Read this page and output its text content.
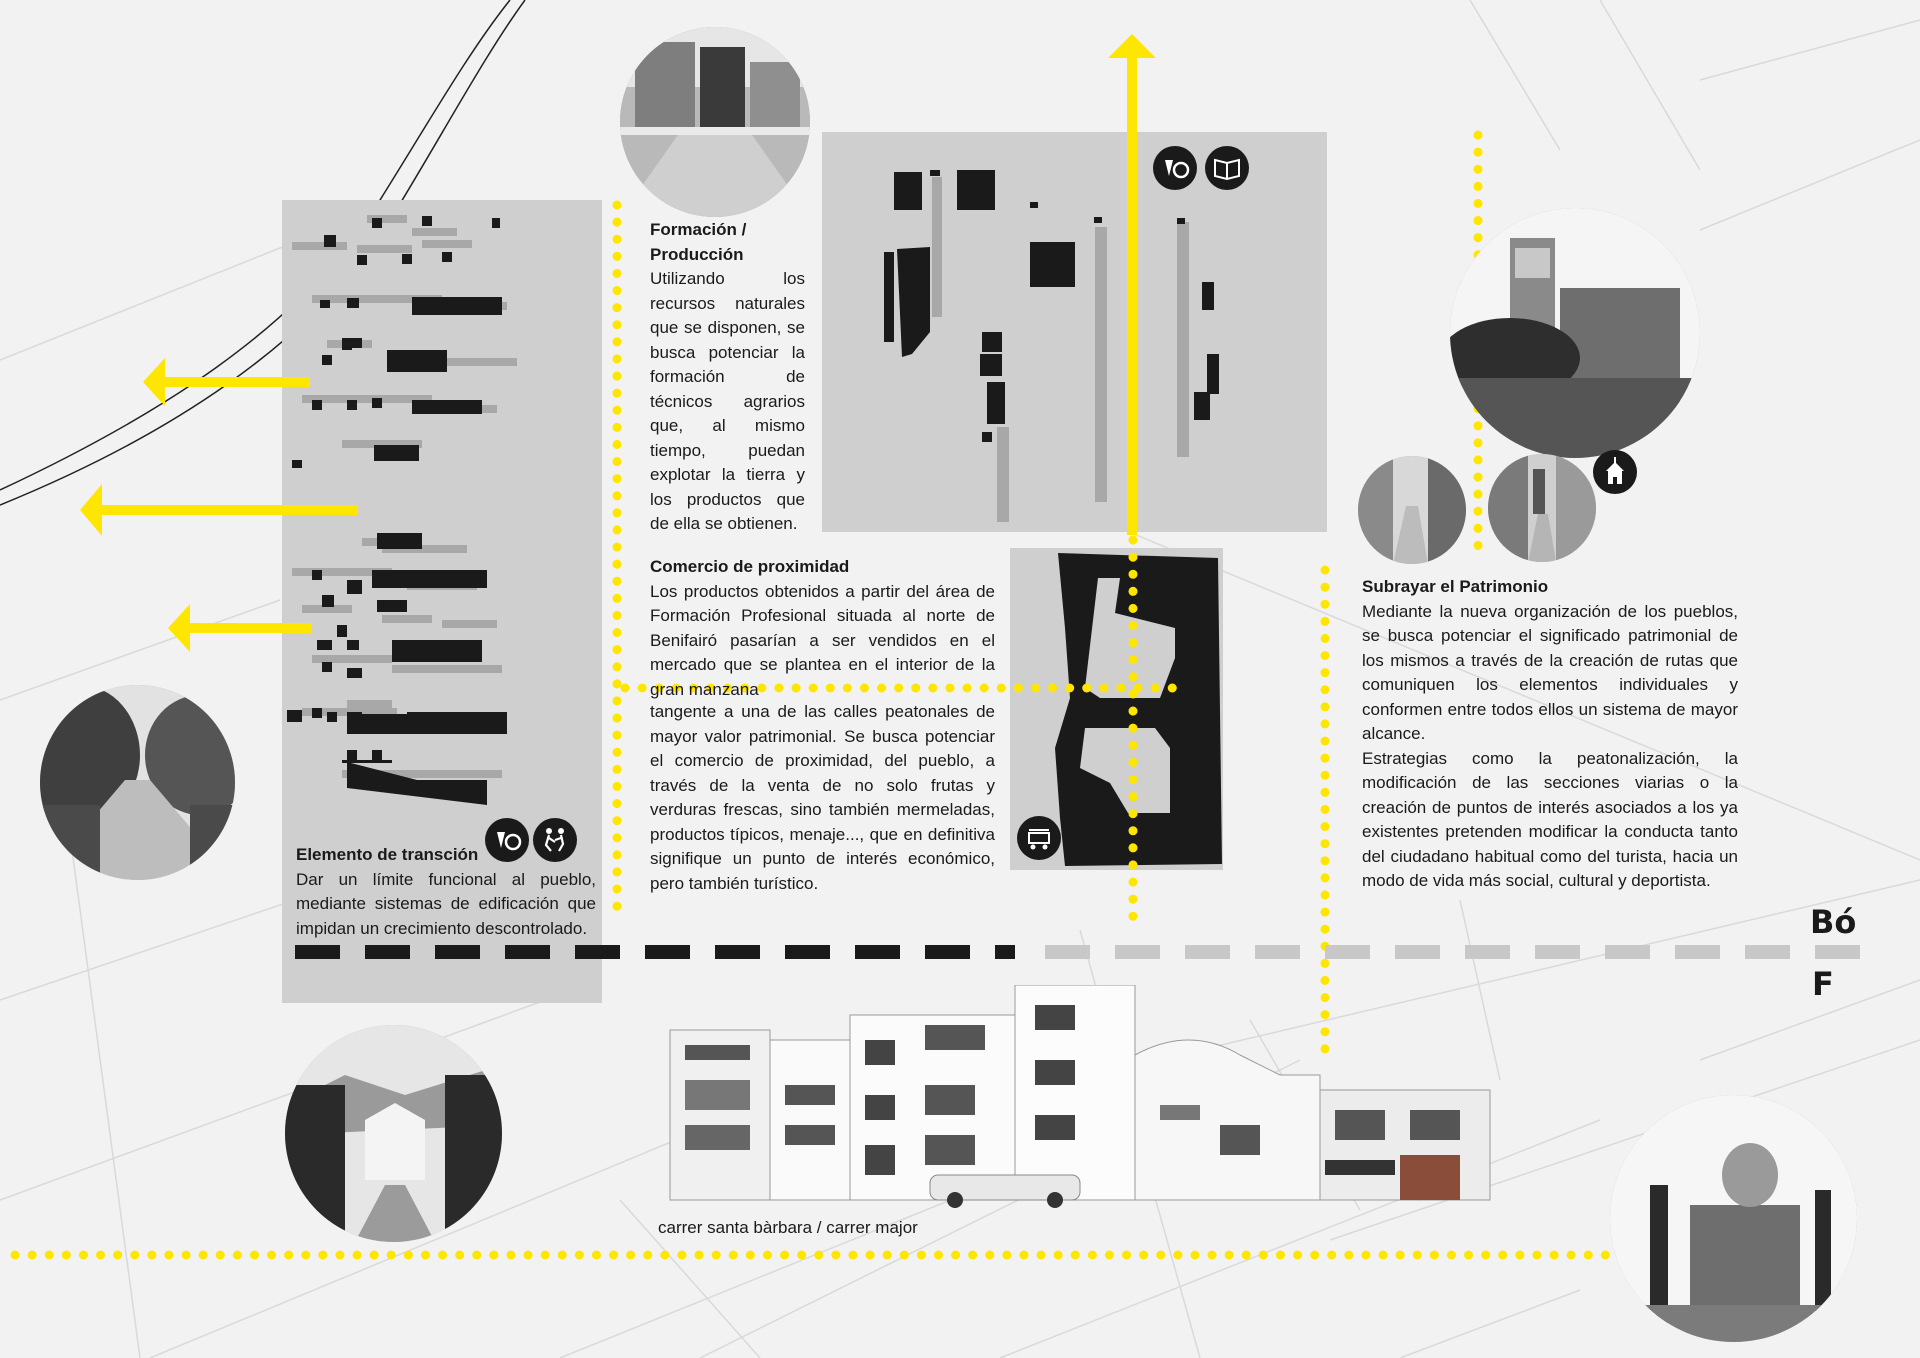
Formación / Producción
Utilizando los recursos naturales que se disponen, se busca potenciar la formación de técnicos agrarios que, al mismo tiempo, puedan explotar la tierra y los productos que de ella se obtienen.
Comercio de proximidad
Los productos obtenidos a partir del área de Formación Profesional situada al norte de Benifairó pasarían a ser vendidos en el mercado que se plantea en el interior de la gran manzana
tangente a una de las calles peatonales de mayor valor patrimonial. Se busca potenciar el comercio de proximidad, del pueblo, a través de la venta de no solo frutas y verduras frescas, sino también mermeladas, productos típicos, menaje..., que en definitiva signifique un punto de interés económico, pero también turístico.
Elemento de transción
Dar un límite funcional al pueblo, mediante sistemas de edificación que impidan un crecimiento descontrolado.
Subrayar el Patrimonio
Mediante la nueva organización de los pueblos, se busca potenciar el significado patrimonial de los mismos a través de la creación de rutas que comuniquen los elementos individuales y conformen entre todos ellos un sistema de mayor alcance.
Estrategias como la peatonalización, la modificación de las secciones viarias o la creación de puntos de interés asociados a los ya existentes pretenden modificar la conducta tanto del ciudadano habitual como del turista, hacia un modo de vida más social, cultural y deportista.
carrer santa bàrbara / carrer major
Bó
F
